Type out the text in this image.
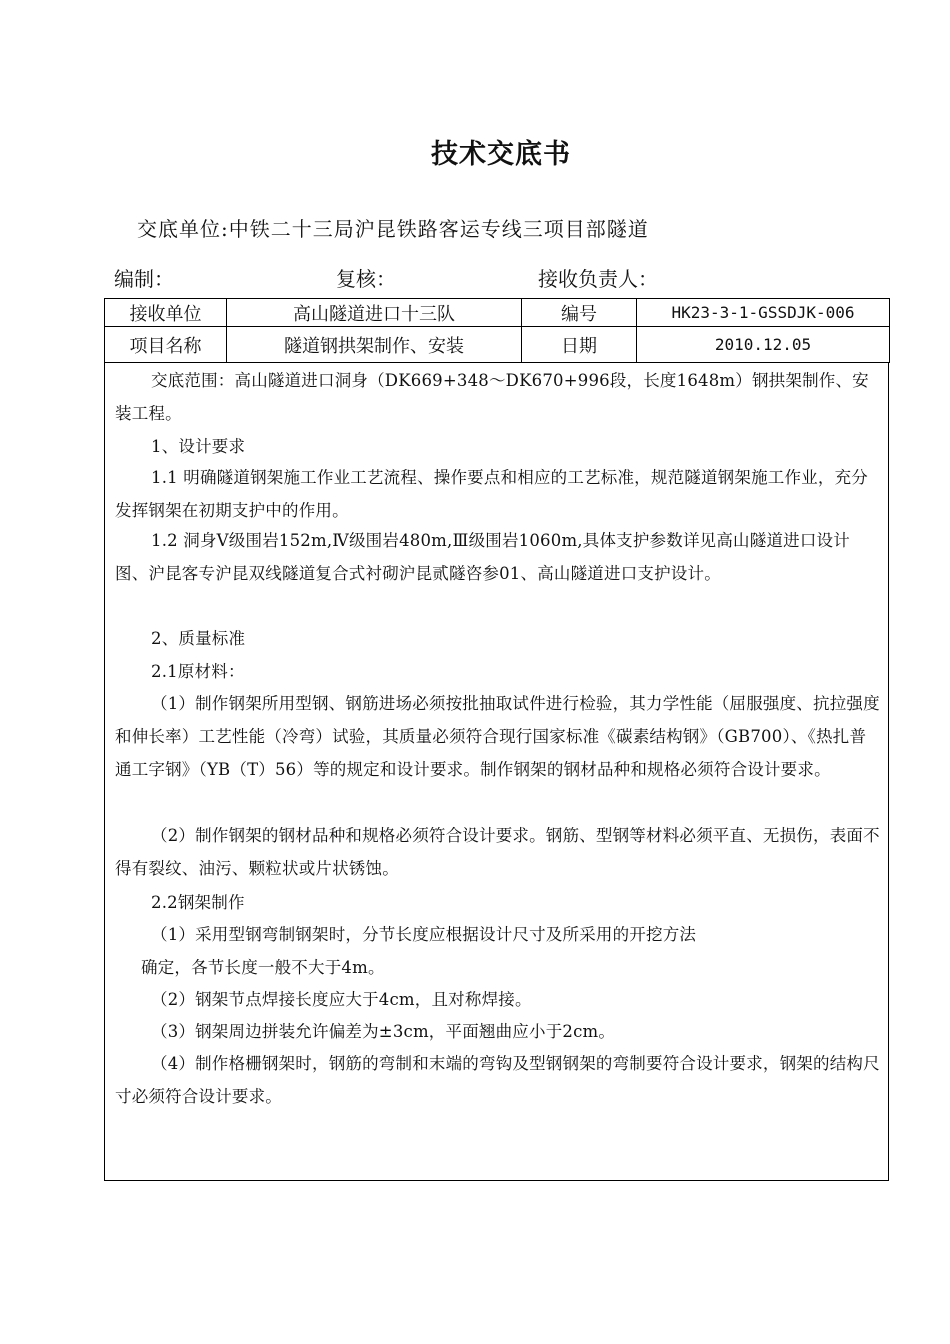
技术交底书
交底单位:中铁二十三局沪昆铁路客运专线三项目部隧道
编制：	复核：	接收负责人：
接收单位	高山隧道进口十三队	编号	HK23-3-1-GSSDJK-006
项目名称	隧道钢拱架制作、安装	日期	2010.12.05

交底范围：高山隧道进口洞身（DK669+348～DK670+996段，长度1648m）钢拱架制作、安装工程。

1、设计要求

1.1 明确隧道钢架施工作业工艺流程、操作要点和相应的工艺标准，规范隧道钢架施工作业，充分发挥钢架在初期支护中的作用。

1.2 洞身Ⅴ级围岩152m,Ⅳ级围岩480m,Ⅲ级围岩1060m,具体支护参数详见高山隧道进口设计图、沪昆客专沪昆双线隧道复合式衬砌沪昆贰隧咨参01、高山隧道进口支护设计。

2、质量标准

2.1原材料：

（1）制作钢架所用型钢、钢筋进场必须按批抽取试件进行检验，其力学性能（屈服强度、抗拉强度和伸长率）工艺性能（冷弯）试验，其质量必须符合现行国家标准《碳素结构钢》（GB700）、《热扎普通工字钢》（YB（T）56）等的规定和设计要求。制作钢架的钢材品种和规格必须符合设计要求。

（2）制作钢架的钢材品种和规格必须符合设计要求。钢筋、型钢等材料必须平直、无损伤，表面不得有裂纹、油污、颗粒状或片状锈蚀。

2.2钢架制作

（1）采用型钢弯制钢架时，分节长度应根据设计尺寸及所采用的开挖方法

确定，各节长度一般不大于4m。

（2）钢架节点焊接长度应大于4cm，且对称焊接。

（3）钢架周边拼装允许偏差为±3cm，平面翘曲应小于2cm。

（4）制作格栅钢架时，钢筋的弯制和末端的弯钩及型钢钢架的弯制要符合设计要求，钢架的结构尺寸必须符合设计要求。
